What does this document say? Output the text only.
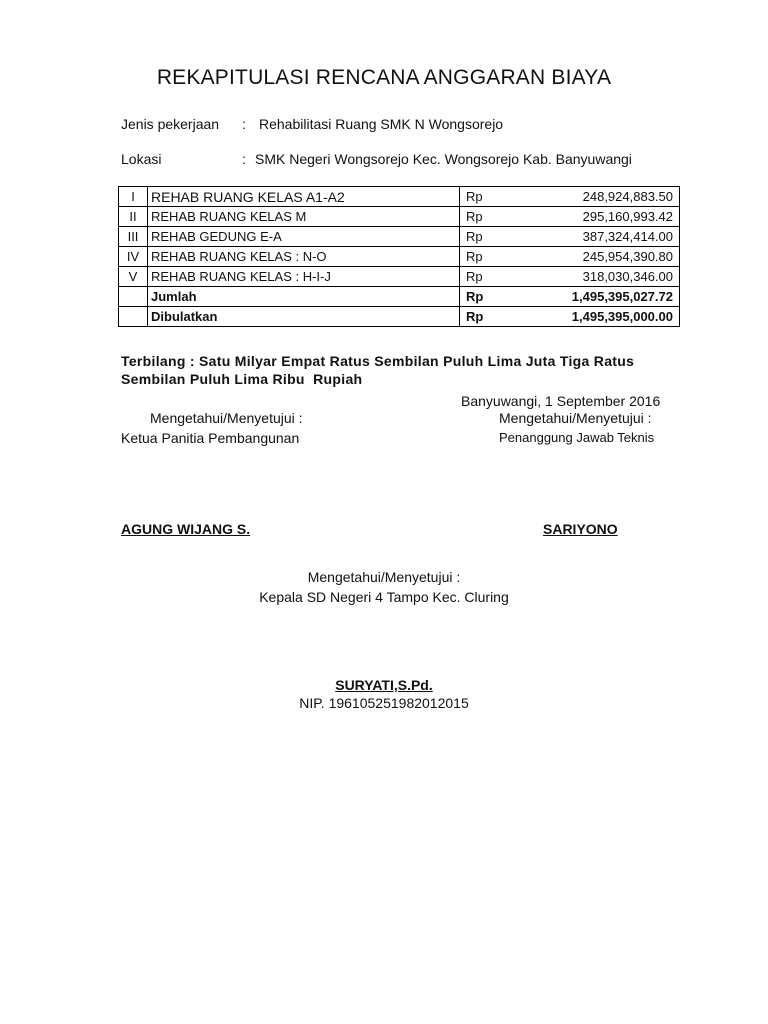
REKAPITULASI RENCANA ANGGARAN BIAYA
Jenis pekerjaan : Rehabilitasi Ruang SMK N Wongsorejo
Lokasi	: SMK Negeri Wongsorejo Kec. Wongsorejo Kab. Banyuwangi
I	REHAB RUANG KELAS A1-A2	Rp	248,924,883.50
II	REHAB RUANG KELAS M	Rp	295,160,993.42
III	REHAB GEDUNG E-A	Rp	387,324,414.00
IV	REHAB RUANG KELAS : N-O	Rp	245,954,390.80
V	REHAB RUANG KELAS : H-I-J	Rp	318,030,346.00
	Jumlah	Rp	1,495,395,027.72
	Dibulatkan	Rp	1,495,395,000.00
Terbilang : Satu Milyar Empat Ratus Sembilan Puluh Lima Juta Tiga Ratus
Sembilan Puluh Lima Ribu  Rupiah
Banyuwangi, 1 September 2016
Mengetahui/Menyetujui :
Ketua Panitia Pembangunan
Mengetahui/Menyetujui :
Penanggung Jawab Teknis
AGUNG WIJANG S.	SARIYONO
Mengetahui/Menyetujui :
Kepala SD Negeri 4 Tampo Kec. Cluring
SURYATI,S.Pd.
NIP. 196105251982012015
